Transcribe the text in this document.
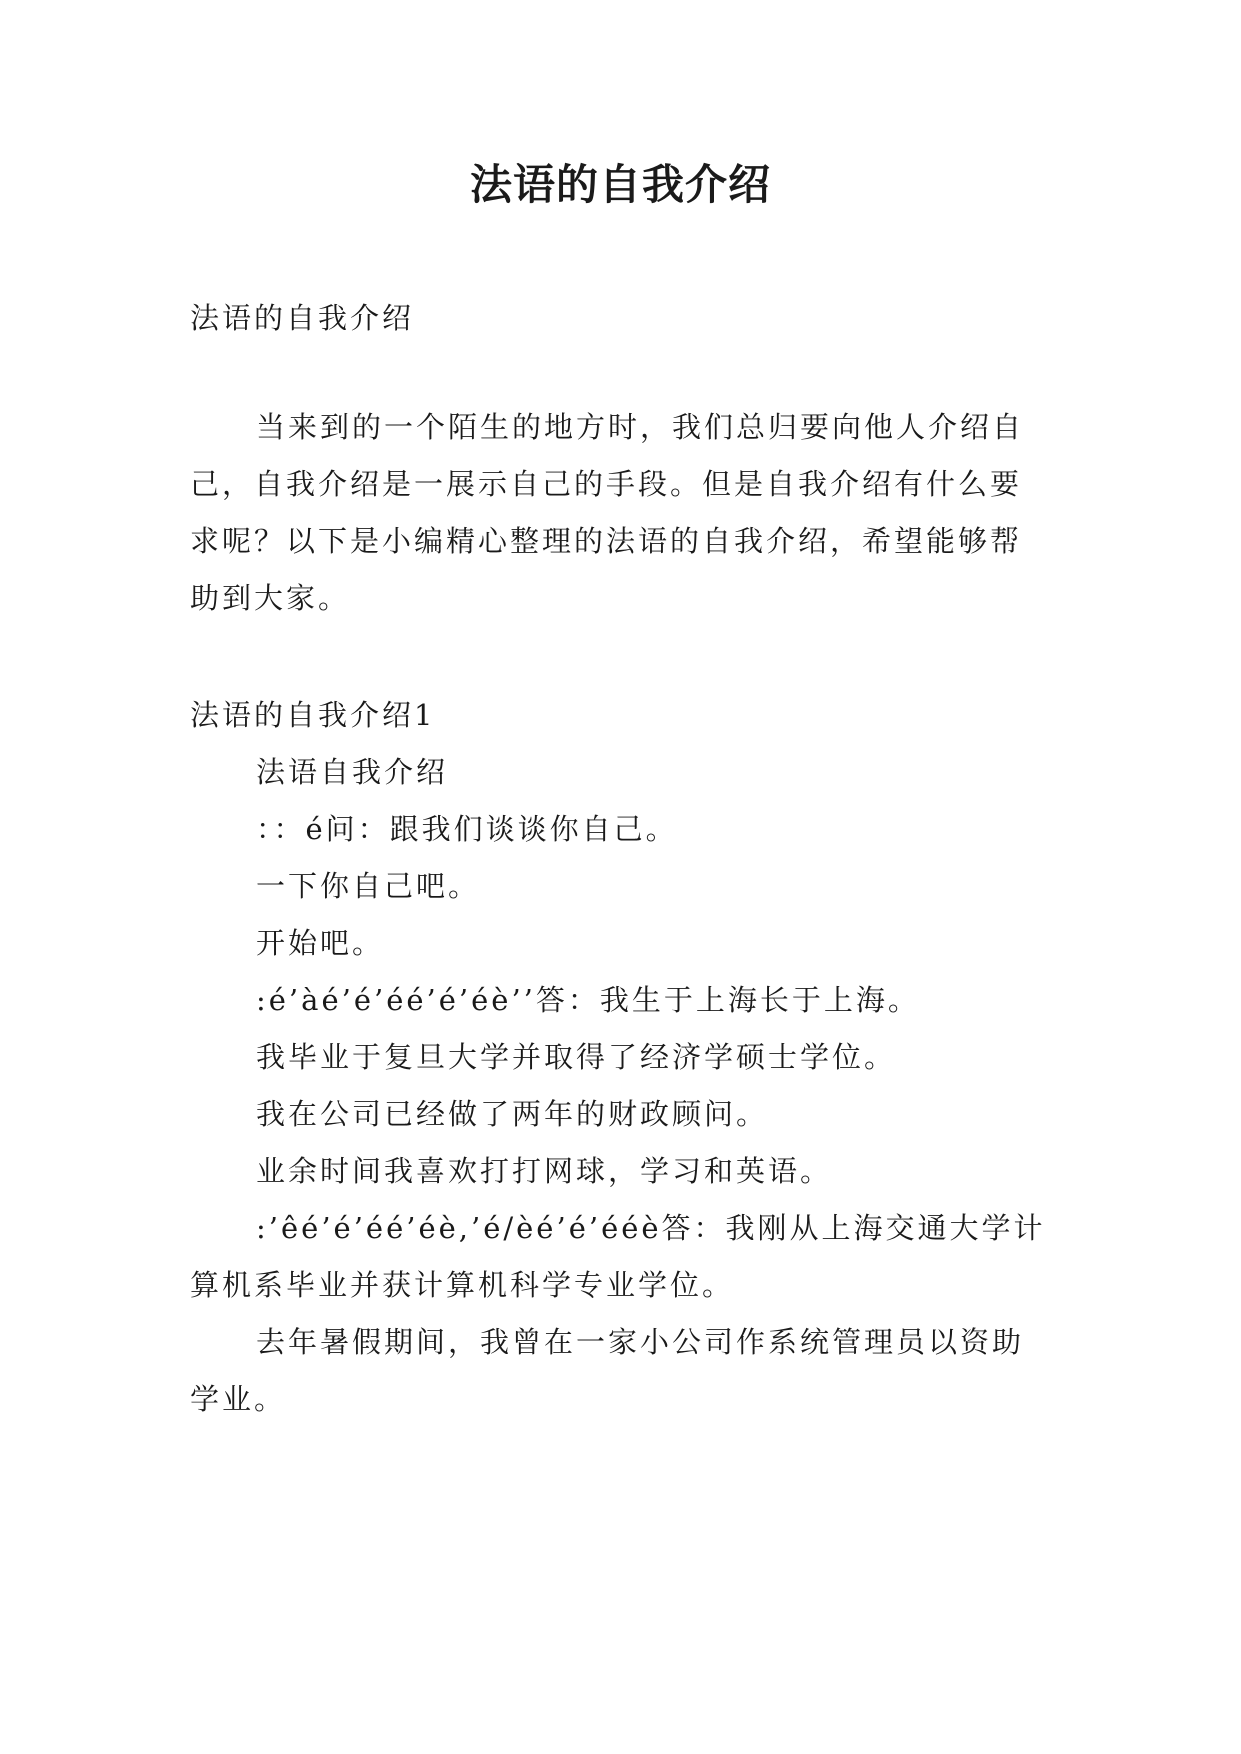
法语的自我介绍

法语的自我介绍

当来到的一个陌生的地方时，我们总归要向他人介绍自己，自我介绍是一展示自己的手段。但是自我介绍有什么要求呢？以下是小编精心整理的法语的自我介绍，希望能够帮助到大家。

法语的自我介绍1

法语自我介绍

：：é问：跟我们谈谈你自己。

一下你自己吧。

开始吧。

:é’àé’é’éé’é’éè’’答：我生于上海长于上海。

我毕业于复旦大学并取得了经济学硕士学位。

我在公司已经做了两年的财政顾问。

业余时间我喜欢打打网球，学习和英语。

:’êé’é’éé’éè,’é/èé’é’ééè答：我刚从上海交通大学计算机系毕业并获计算机科学专业学位。

去年暑假期间，我曾在一家小公司作系统管理员以资助学业。
